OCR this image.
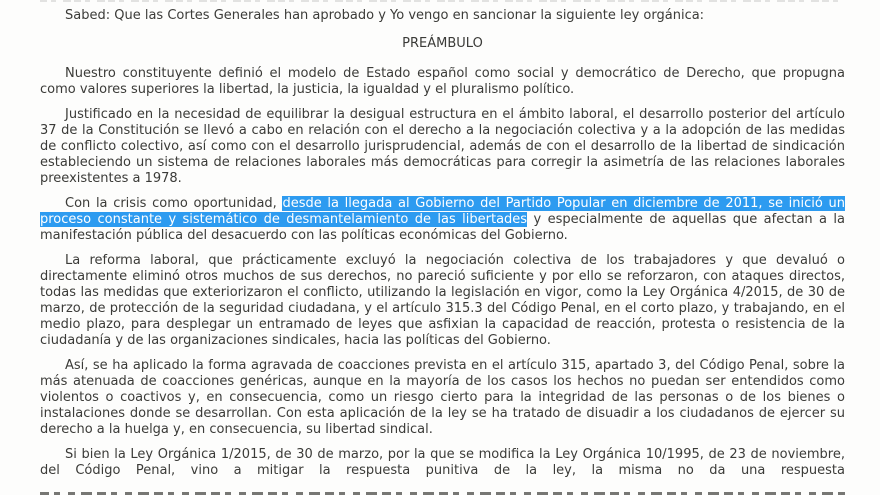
Sabed: Que las Cortes Generales han aprobado y Yo vengo en sancionar la siguiente ley orgánica:

PREÁMBULO

Nuestro constituyente definió el modelo de Estado español como social y democrático de Derecho, que propugna como valores superiores la libertad, la justicia, la igualdad y el pluralismo político.

Justificado en la necesidad de equilibrar la desigual estructura en el ámbito laboral, el desarrollo posterior del artículo 37 de la Constitución se llevó a cabo en relación con el derecho a la negociación colectiva y a la adopción de las medidas de conflicto colectivo, así como con el desarrollo jurisprudencial, además de con el desarrollo de la libertad de sindicación estableciendo un sistema de relaciones laborales más democráticas para corregir la asimetría de las relaciones laborales preexistentes a 1978.

Con la crisis como oportunidad, desde la llegada al Gobierno del Partido Popular en diciembre de 2011, se inició un proceso constante y sistemático de desmantelamiento de las libertades y especialmente de aquellas que afectan a la manifestación pública del desacuerdo con las políticas económicas del Gobierno.

La reforma laboral, que prácticamente excluyó la negociación colectiva de los trabajadores y que devaluó o directamente eliminó otros muchos de sus derechos, no pareció suficiente y por ello se reforzaron, con ataques directos, todas las medidas que exteriorizaron el conflicto, utilizando la legislación en vigor, como la Ley Orgánica 4/2015, de 30 de marzo, de protección de la seguridad ciudadana, y el artículo 315.3 del Código Penal, en el corto plazo, y trabajando, en el medio plazo, para desplegar un entramado de leyes que asfixian la capacidad de reacción, protesta o resistencia de la ciudadanía y de las organizaciones sindicales, hacia las políticas del Gobierno.

Así, se ha aplicado la forma agravada de coacciones prevista en el artículo 315, apartado 3, del Código Penal, sobre la más atenuada de coacciones genéricas, aunque en la mayoría de los casos los hechos no puedan ser entendidos como violentos o coactivos y, en consecuencia, como un riesgo cierto para la integridad de las personas o de los bienes o instalaciones donde se desarrollan. Con esta aplicación de la ley se ha tratado de disuadir a los ciudadanos de ejercer su derecho a la huelga y, en consecuencia, su libertad sindical.

Si bien la Ley Orgánica 1/2015, de 30 de marzo, por la que se modifica la Ley Orgánica 10/1995, de 23 de noviembre, del Código Penal, vino a mitigar la respuesta punitiva de la ley, la misma no da una respuesta
